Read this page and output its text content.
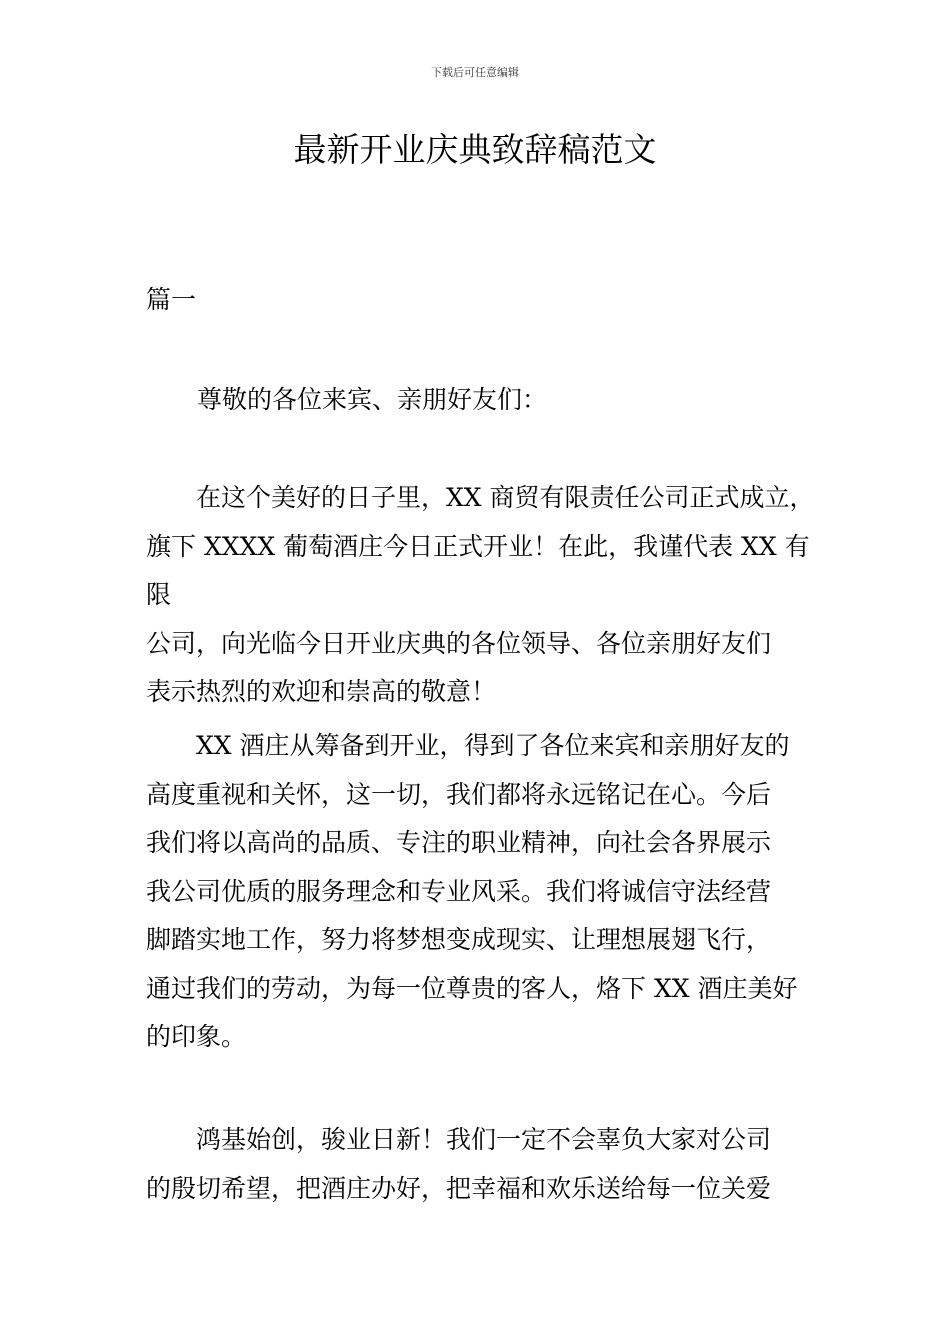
下载后可任意编辑
最新开业庆典致辞稿范文

篇一

尊敬的各位来宾、亲朋好友们：

　　在这个美好的日子里，XX 商贸有限责任公司正式成立，
旗下 XXXX 葡萄酒庄今日正式开业！在此，我谨代表 XX 有限
公司，向光临今日开业庆典的各位领导、各位亲朋好友们
表示热烈的欢迎和崇高的敬意！

　　XX 酒庄从筹备到开业，得到了各位来宾和亲朋好友的
高度重视和关怀，这一切，我们都将永远铭记在心。今后
我们将以高尚的品质、专注的职业精神，向社会各界展示
我公司优质的服务理念和专业风采。我们将诚信守法经营
脚踏实地工作，努力将梦想变成现实、让理想展翅飞行，
通过我们的劳动，为每一位尊贵的客人，烙下 XX 酒庄美好
的印象。

　　鸿基始创，骏业日新！我们一定不会辜负大家对公司
的殷切希望，把酒庄办好，把幸福和欢乐送给每一位关爱
